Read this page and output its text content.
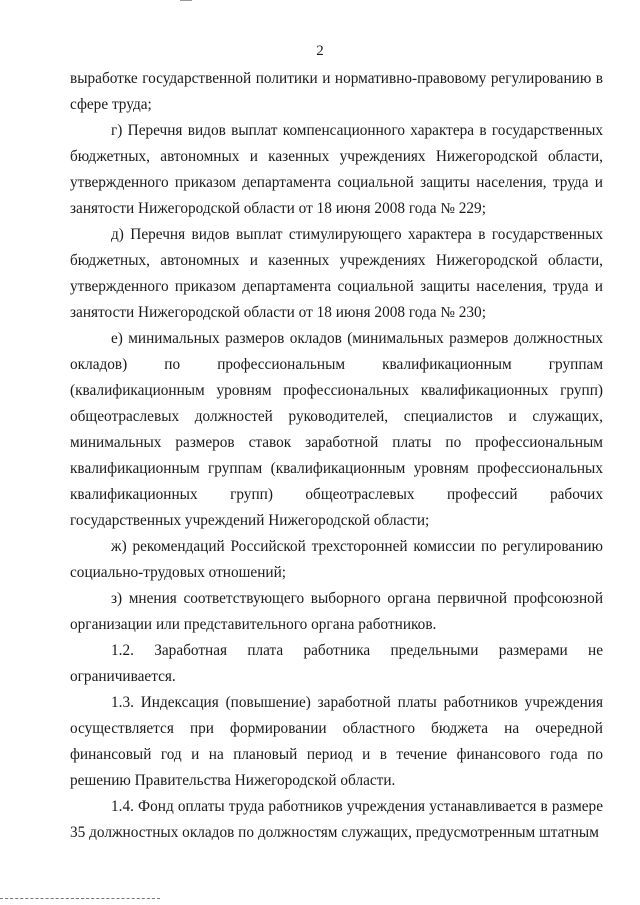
2

выработке государственной политики и нормативно-правовому регулированию в сфере труда;

г) Перечня видов выплат компенсационного характера в государственных бюджетных, автономных и казенных учреждениях Нижегородской области, утвержденного приказом департамента социальной защиты населения, труда и занятости Нижегородской области от 18 июня 2008 года № 229;

д) Перечня видов выплат стимулирующего характера в государственных бюджетных, автономных и казенных учреждениях Нижегородской области, утвержденного приказом департамента социальной защиты населения, труда и занятости Нижегородской области от 18 июня 2008 года № 230;

е) минимальных размеров окладов (минимальных размеров должностных окладов) по профессиональным квалификационным группам (квалификационным уровням профессиональных квалификационных групп) общеотраслевых должностей руководителей, специалистов и служащих, минимальных размеров ставок заработной платы по профессиональным квалификационным группам (квалификационным уровням профессиональных квалификационных групп) общеотраслевых профессий рабочих государственных учреждений Нижегородской области;

ж) рекомендаций Российской трехсторонней комиссии по регулированию социально-трудовых отношений;

з) мнения соответствующего выборного органа первичной профсоюзной организации или представительного органа работников.

1.2. Заработная плата работника предельными размерами не ограничивается.

1.3. Индексация (повышение) заработной платы работников учреждения осуществляется при формировании областного бюджета на очередной финансовый год и на плановый период и в течение финансового года по решению Правительства Нижегородской области.

1.4. Фонд оплаты труда работников учреждения устанавливается в размере 35 должностных окладов по должностям служащих, предусмотренным штатным
